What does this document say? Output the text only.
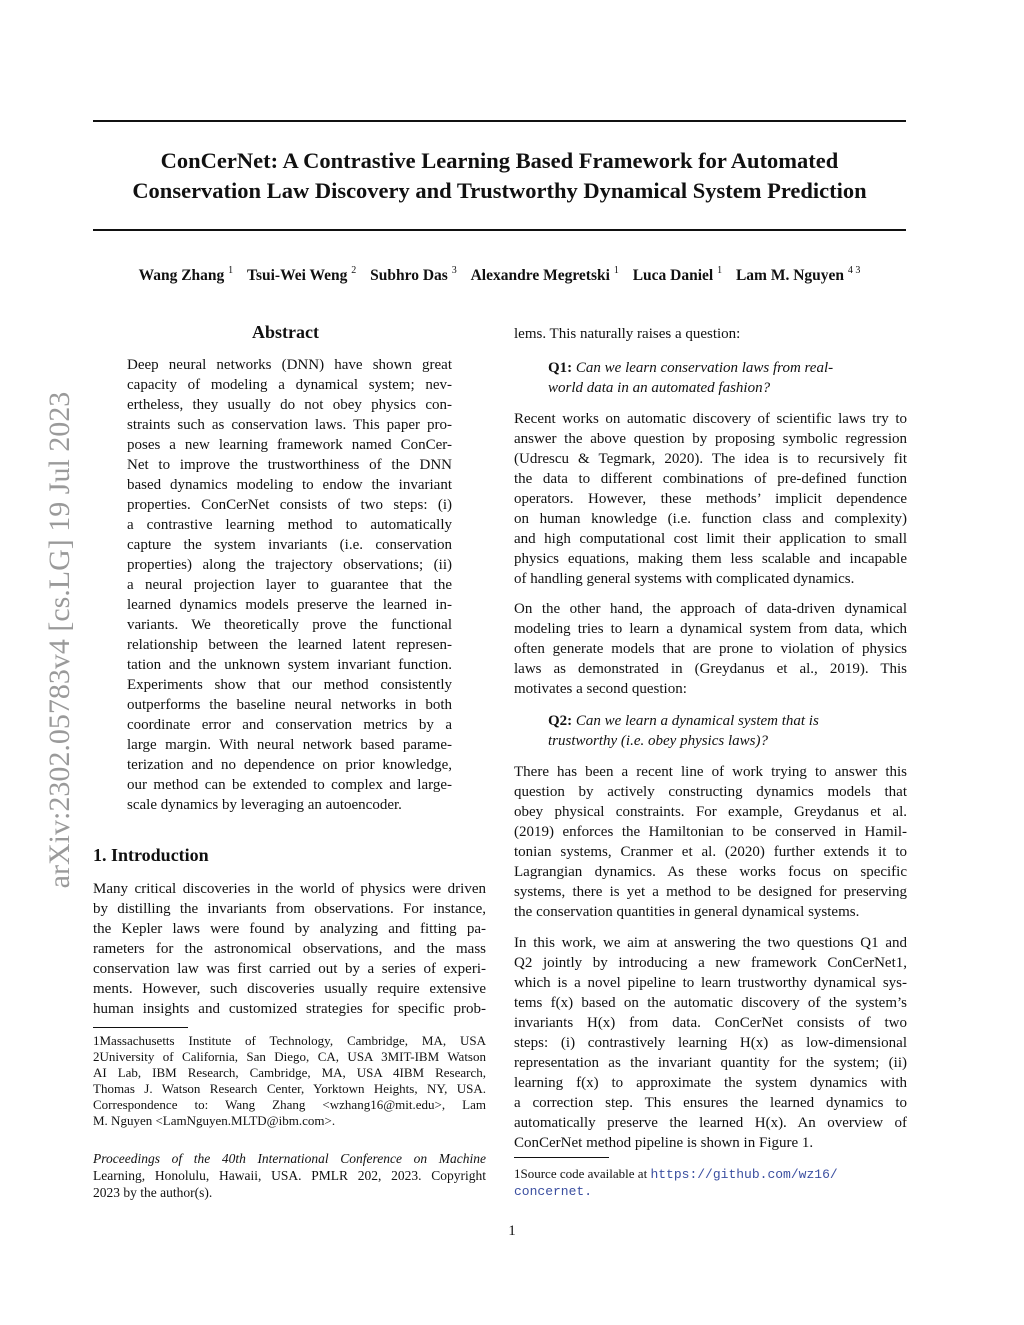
ConCerNet: A Contrastive Learning Based Framework for Automated
Conservation Law Discovery and Trustworthy Dynamical System Prediction
Wang Zhang $^1$ Tsui-Wei Weng $^2$ Subhro Das $^3$ Alexandre Megretski $^1$ Luca Daniel $^1$ Lam M. Nguyen $^{4 3}$
arXiv:2302.05783v4 [cs.LG] 19 Jul 2023
Abstract
Deep neural networks (DNN) have shown great
capacity of modeling a dynamical system; nev-
ertheless, they usually do not obey physics con-
straints such as conservation laws. This paper pro-
poses a new learning framework named ConCer-
Net to improve the trustworthiness of the DNN
based dynamics modeling to endow the invariant
properties. ConCerNet consists of two steps: (i)
a contrastive learning method to automatically
capture the system invariants (i.e. conservation
properties) along the trajectory observations; (ii)
a neural projection layer to guarantee that the
learned dynamics models preserve the learned in-
variants. We theoretically prove the functional
relationship between the learned latent represen-
tation and the unknown system invariant function.
Experiments show that our method consistently
outperforms the baseline neural networks in both
coordinate error and conservation metrics by a
large margin. With neural network based parame-
terization and no dependence on prior knowledge,
our method can be extended to complex and large-
scale dynamics by leveraging an autoencoder.
1. Introduction
Many critical discoveries in the world of physics were driven
by distilling the invariants from observations. For instance,
the Kepler laws were found by analyzing and fitting pa-
rameters for the astronomical observations, and the mass
conservation law was first carried out by a series of experi-
ments. However, such discoveries usually require extensive
human insights and customized strategies for specific prob-
1Massachusetts Institute of Technology, Cambridge, MA, USA
2University of California, San Diego, CA, USA 3MIT-IBM Watson
AI Lab, IBM Research, Cambridge, MA, USA 4IBM Research,
Thomas J. Watson Research Center, Yorktown Heights, NY, USA.
Correspondence to: Wang Zhang <wzhang16@mit.edu>, Lam
M. Nguyen <LamNguyen.MLTD@ibm.com>.
Proceedings of the 40th International Conference on Machine
Learning, Honolulu, Hawaii, USA. PMLR 202, 2023. Copyright
2023 by the author(s).
lems. This naturally raises a question:
Q1: Can we learn conservation laws from real-
world data in an automated fashion?
Recent works on automatic discovery of scientific laws try to
answer the above question by proposing symbolic regression
(Udrescu & Tegmark, 2020). The idea is to recursively fit
the data to different combinations of pre-defined function
operators. However, these methods’ implicit dependence
on human knowledge (i.e. function class and complexity)
and high computational cost limit their application to small
physics equations, making them less scalable and incapable
of handling general systems with complicated dynamics.
On the other hand, the approach of data-driven dynamical
modeling tries to learn a dynamical system from data, which
often generate models that are prone to violation of physics
laws as demonstrated in (Greydanus et al., 2019). This
motivates a second question:
Q2: Can we learn a dynamical system that is
trustworthy (i.e. obey physics laws)?
There has been a recent line of work trying to answer this
question by actively constructing dynamics models that
obey physical constraints. For example, Greydanus et al.
(2019) enforces the Hamiltonian to be conserved in Hamil-
tonian systems, Cranmer et al. (2020) further extends it to
Lagrangian dynamics. As these works focus on specific
systems, there is yet a method to be designed for preserving
the conservation quantities in general dynamical systems.
In this work, we aim at answering the two questions Q1 and
Q2 jointly by introducing a new framework ConCerNet1,
which is a novel pipeline to learn trustworthy dynamical sys-
tems f(x) based on the automatic discovery of the system’s
invariants H(x) from data. ConCerNet consists of two
steps: (i) contrastively learning H(x) as low-dimensional
representation as the invariant quantity for the system; (ii)
learning f(x) to approximate the system dynamics with
a correction step. This ensures the learned dynamics to
automatically preserve the learned H(x). An overview of
ConCerNet method pipeline is shown in Figure 1.
1Source code available at https://github.com/wz16/
concernet.
1
